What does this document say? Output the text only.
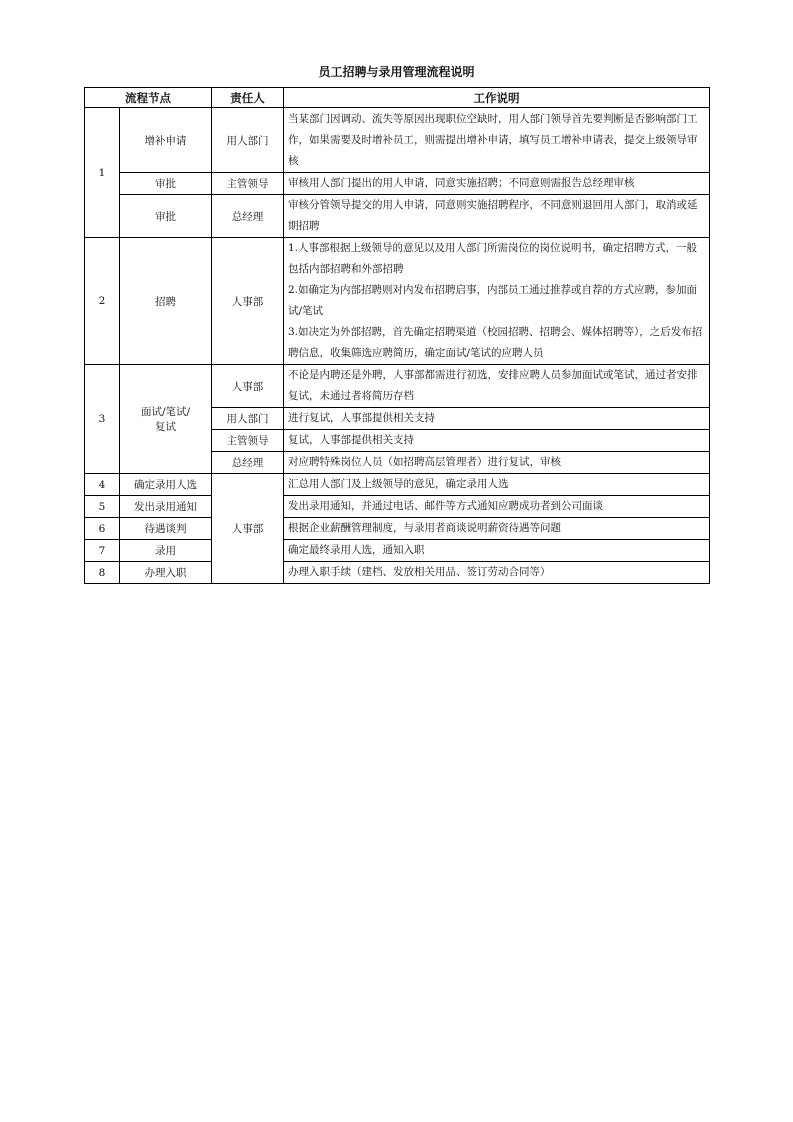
员工招聘与录用管理流程说明
流程节点		责任人	工作说明
1	增补申请	用人部门	当某部门因调动、流失等原因出现职位空缺时，用人部门领导首先要判断是否影响部门工作，如果需要及时增补员工，则需提出增补申请，填写员工增补申请表，提交上级领导审核
	审批	主管领导	审核用人部门提出的用人申请，同意实施招聘；不同意则需报告总经理审核
	审批	总经理	审核分管领导提交的用人申请，同意则实施招聘程序，不同意则退回用人部门，取消或延期招聘
2	招聘	人事部	1.人事部根据上级领导的意见以及用人部门所需岗位的岗位说明书，确定招聘方式，一般包括内部招聘和外部招聘
2.如确定为内部招聘则对内发布招聘启事，内部员工通过推荐或自荐的方式应聘，参加面试/笔试
3.如决定为外部招聘，首先确定招聘渠道（校园招聘、招聘会、媒体招聘等），之后发布招聘信息，收集筛选应聘简历，确定面试/笔试的应聘人员

3	面试/笔试/复试	人事部	不论是内聘还是外聘，人事部都需进行初选，安排应聘人员参加面试或笔试，通过者安排复试，未通过者将简历存档
		用人部门	进行复试，人事部提供相关支持
		主管领导	复试，人事部提供相关支持
		总经理	对应聘特殊岗位人员（如招聘高层管理者）进行复试，审核
4	确定录用人选	人事部	汇总用人部门及上级领导的意见，确定录用人选
5	发出录用通知		发出录用通知，并通过电话、邮件等方式通知应聘成功者到公司面谈
6	待遇谈判		根据企业薪酬管理制度，与录用者商谈说明薪资待遇等问题
7	录用		确定最终录用人选，通知入职
8	办理入职		办理入职手续（建档、发放相关用品、签订劳动合同等）
